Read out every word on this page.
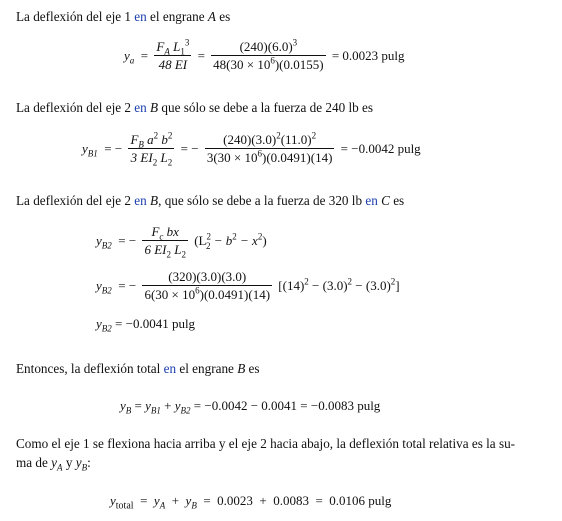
La deflexión del eje 1 en el engrane A es
$y_a = \frac{F_A L_1^3}{48 EI} = \frac{(240)(6.0)^3}{48(30 \times 10^6)(0.0155)} = 0.0023$ pulg
La deflexión del eje 2 en B que sólo se debe a la fuerza de 240 lb es
$y_{B1}$  = − $\frac{F_B a^2 b^2}{3 EI_2 L_2}$ = − $\frac{(240)(3.0)^2(11.0)^2}{3(30 \times 10^6)(0.0491)(14)} = -0.0042$ pulg
La deflexión del eje 2 en B, que sólo se debe a la fuerza de 320 lb en C es
$y_{B2}$  = − $\frac{F_c bx}{6 EI_2 L_2} (L^2_2 - b^2 - x^2)$
$y_{B2}$  = − $\frac{(320)(3.0)(3.0)}{6(30 \times 10^6)(0.0491)(14)} [(14)^2 - (3.0)^2 - (3.0)^2]$
$y_{B2} = -0.0041$ pulg
Entonces, la deflexión total en el engrane B es
$y_B = y_{B1} + y_{B2} = -0.0042 - 0.0041 = -0.0083$ pulg
Como el eje 1 se flexiona hacia arriba y el eje 2 hacia abajo, la deflexión total relativa es la su-
ma de $y_A$ y $y_B$:
$y_{total} = y_A + y_B = 0.0023 + 0.0083 = 0.0106$ pulg
